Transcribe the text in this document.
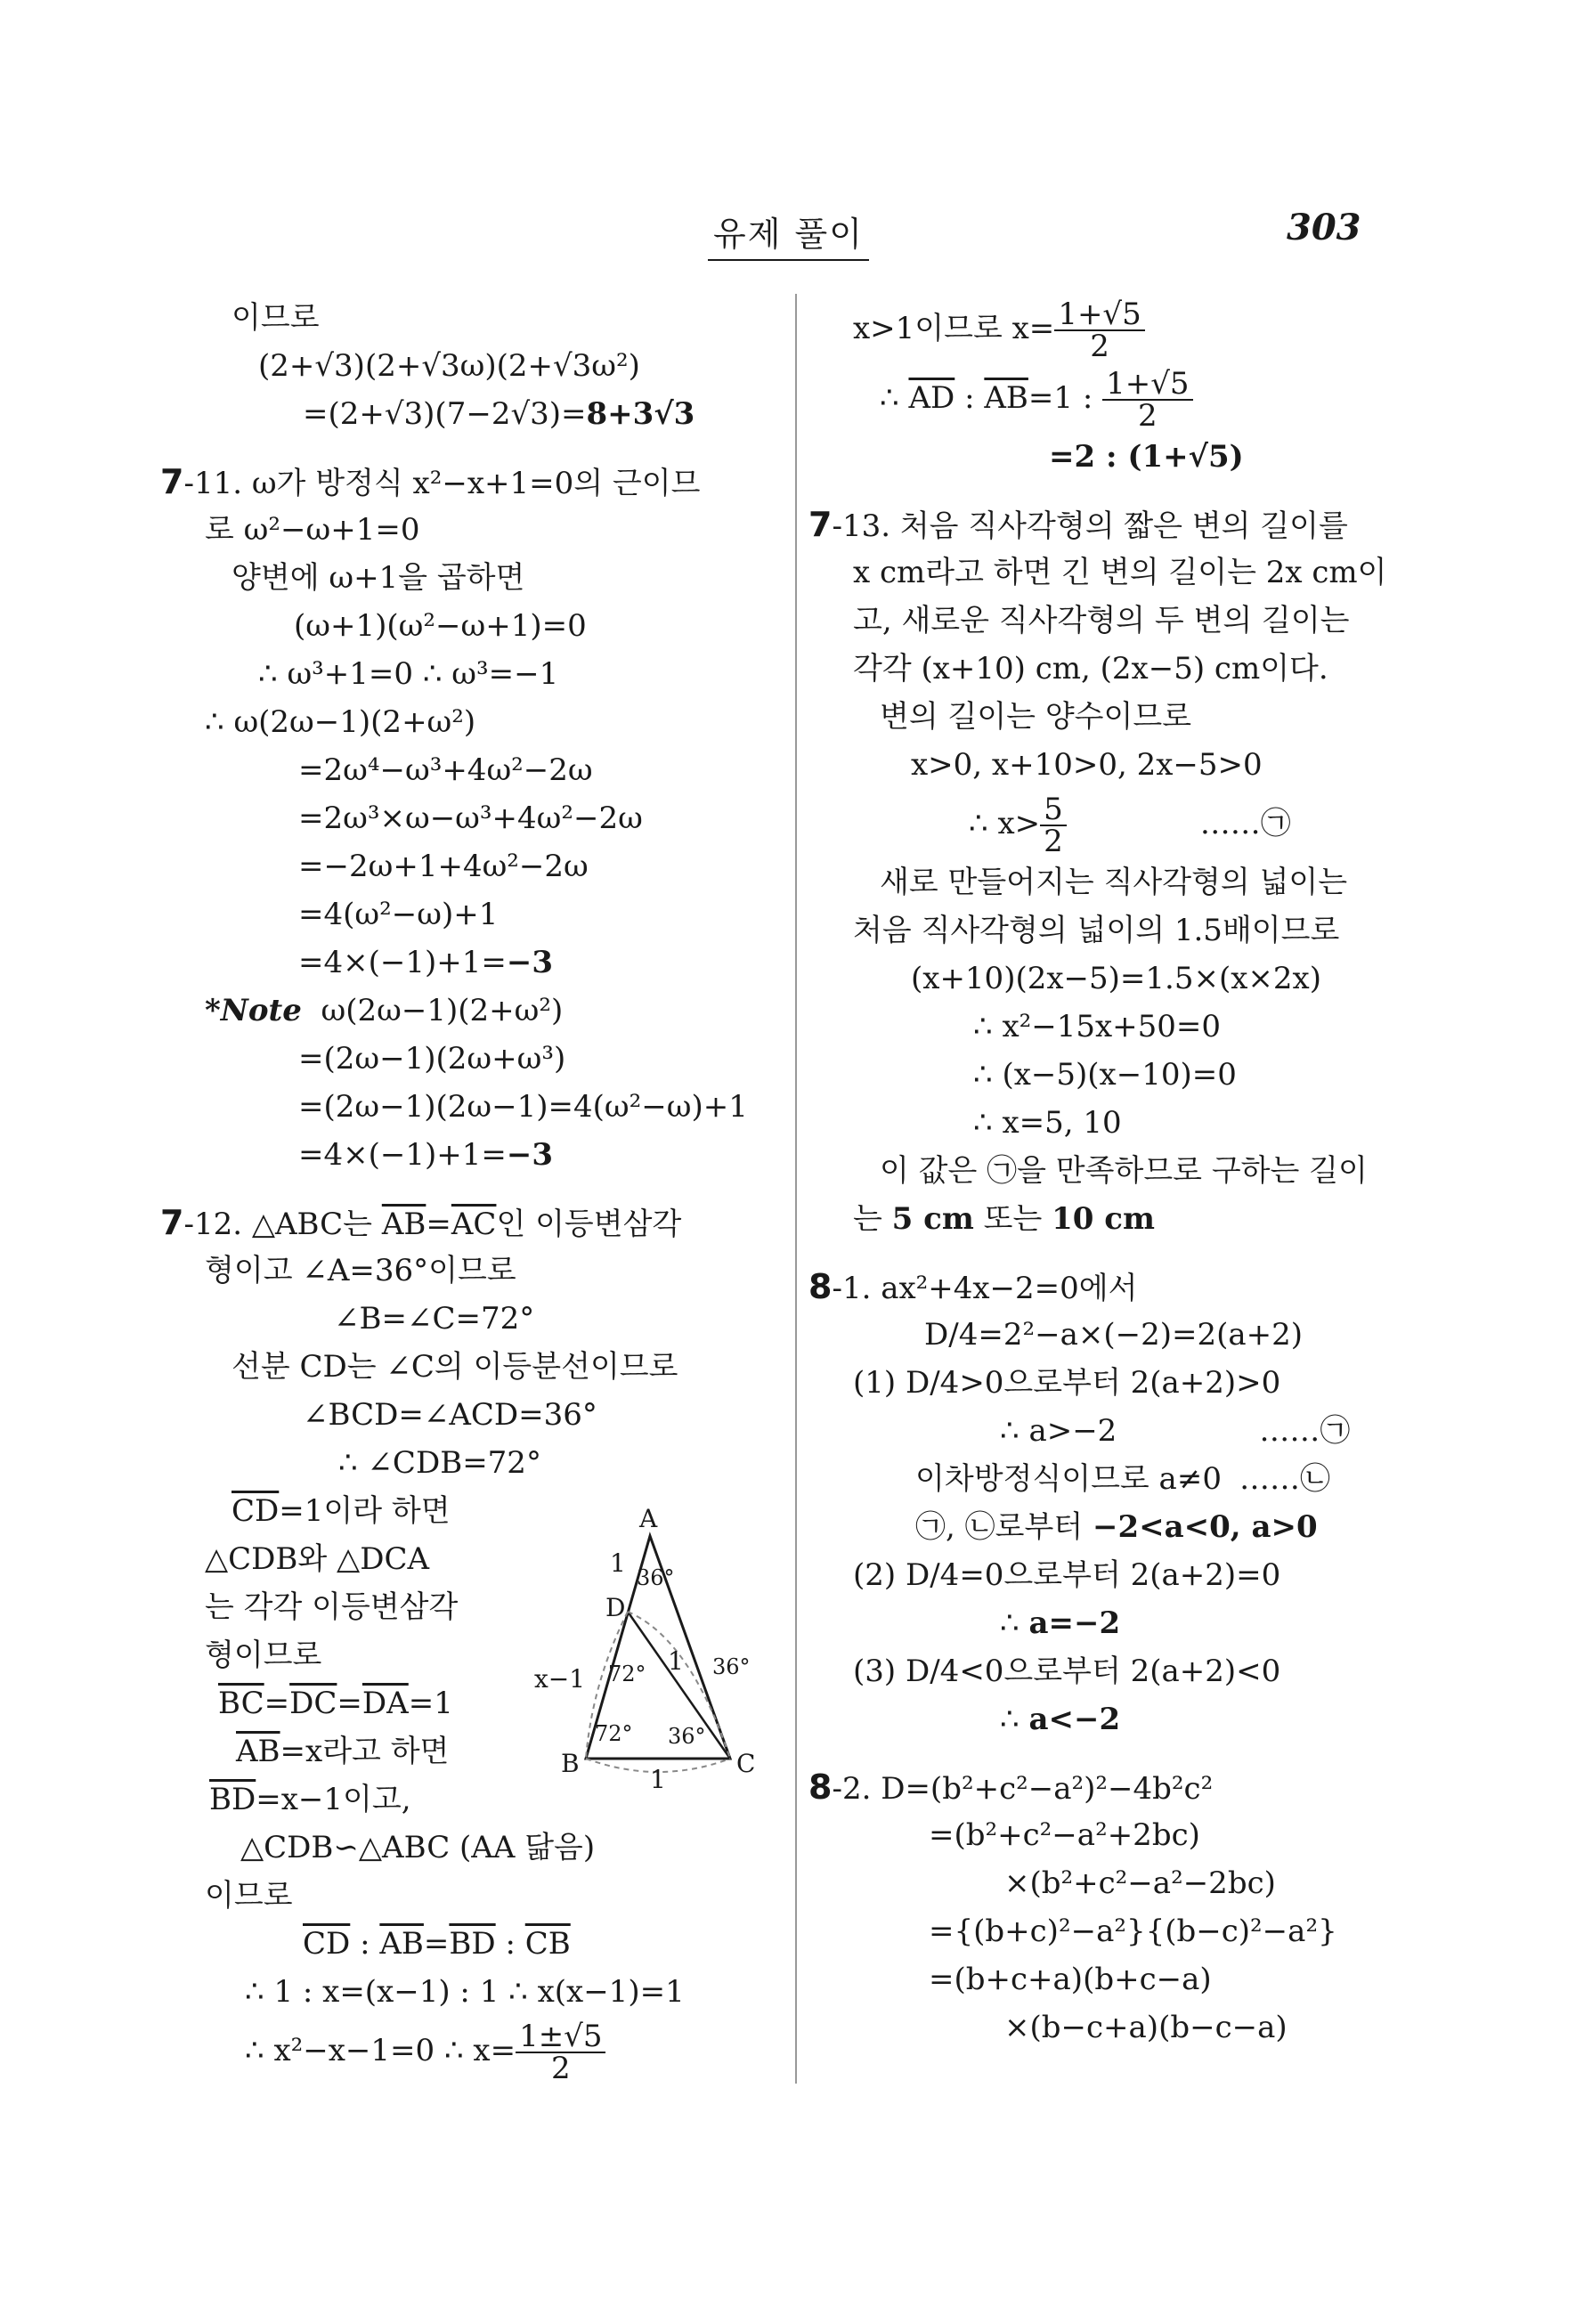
유제 풀이	303
이므로
(2+√3)(2+√3ω)(2+√3ω²)
=(2+√3)(7−2√3)=8+3√3
7-11. ω가 방정식 x²−x+1=0의 근이므
로 ω²−ω+1=0
양변에 ω+1을 곱하면
(ω+1)(ω²−ω+1)=0
∴ ω³+1=0 ∴ ω³=−1
∴ ω(2ω−1)(2+ω²)
=2ω⁴−ω³+4ω²−2ω
=2ω³×ω−ω³+4ω²−2ω
=−2ω+1+4ω²−2ω
=4(ω²−ω)+1
=4×(−1)+1=−3
*Note ω(2ω−1)(2+ω²)
=(2ω−1)(2ω+ω³)
=(2ω−1)(2ω−1)=4(ω²−ω)+1
=4×(−1)+1=−3
7-12. △ABC는 $\overline{AB}=\overline{AC}$인 이등변삼각
형이고 ∠A=36°이므로
∠B=∠C=72°
선분 CD는 ∠C의 이등분선이므로
∠BCD=∠ACD=36°
∴ ∠CDB=72°
$\overline{CD}=1$이라 하면
△CDB와 △DCA
는 각각 이등변삼각
형이므로
$\overline{BC}=\overline{DC}=\overline{DA}=1$
$\overline{AB}=x$라고 하면
$\overline{BD}=x-1$이고,
△CDB∽△ABC (AA 닮음)
이므로
$\overline{CD}$ : $\overline{AB}=\overline{BD}$ : $\overline{CB}$
∴ 1 : x=(x−1) : 1 ∴ x(x−1)=1
∴ x²−x−1=0 ∴ $x= \frac{1\pm√5}{2}$
A
B	C
D
1 36°
1 36°
x−1 72°
72° 36°
1
x>1이므로 $x= \frac{1+√5}{2}$
∴ $\overline{AD}$ : $\overline{AB}=1$ : $\frac{1+√5}{2}$
=2 : (1+√5)
7-13. 처음 직사각형의 짧은 변의 길이를
x cm라고 하면 긴 변의 길이는 2x cm이
고, 새로운 직사각형의 두 변의 길이는
각각 (x+10) cm, (2x−5) cm이다.
변의 길이는 양수이므로
x>0, x+10>0, 2x−5>0
∴ $x> \frac{5}{2}$	……㉠
새로 만들어지는 직사각형의 넓이는
처음 직사각형의 넓이의 1.5배이므로
(x+10)(2x−5)=1.5×(x×2x)
∴ x²−15x+50=0
∴ (x−5)(x−10)=0
∴ x=5, 10
이 값은 ㉠을 만족하므로 구하는 길이
는 5 cm 또는 10 cm
8-1. ax²+4x−2=0에서
D/4=2²−a×(−2)=2(a+2)
(1) D/4>0으로부터 2(a+2)>0
∴ a>−2	……㉠
이차방정식이므로 a≠0 ……㉡
㉠, ㉡로부터 −2<a<0, a>0
(2) D/4=0으로부터 2(a+2)=0
∴ a=−2
(3) D/4<0으로부터 2(a+2)<0
∴ a<−2
8-2. D=(b²+c²−a²)²−4b²c²
=(b²+c²−a²+2bc)
×(b²+c²−a²−2bc)
={(b+c)²−a²}{(b−c)²−a²}
=(b+c+a)(b+c−a)
×(b−c+a)(b−c−a)
